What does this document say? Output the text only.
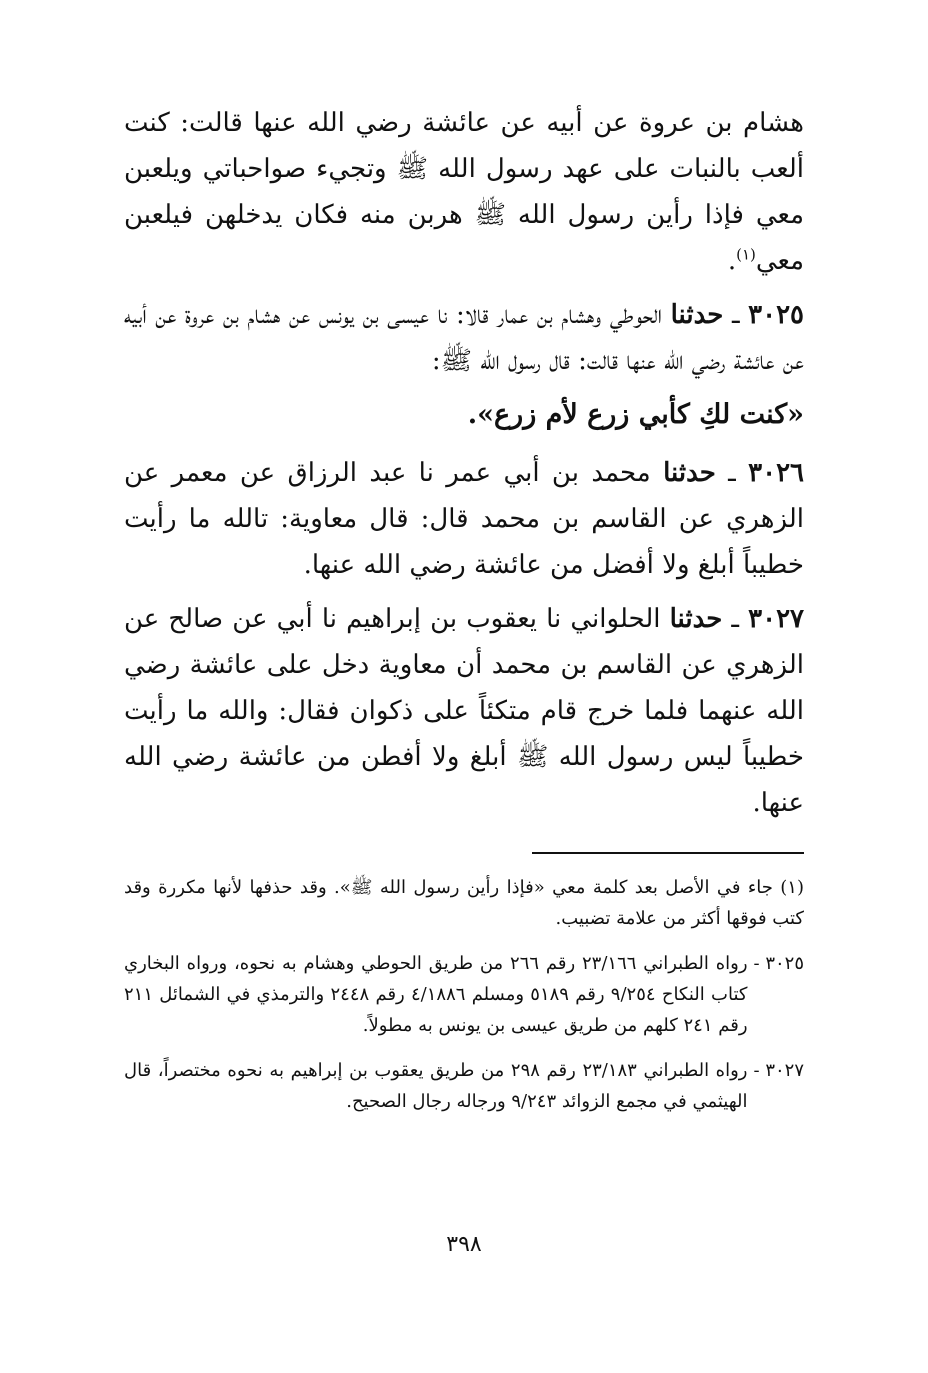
هشام بن عروة عن أبيه عن عائشة رضي الله عنها قالت: كنت ألعب بالنبات على عهد رسول الله ﷺ وتجيء صواحباتي ويلعبن معي فإذا رأين رسول الله ﷺ هربن منه فكان يدخلهن فيلعبن معي$^{(١)}$.

٣٠٢٥ ـ حدثنا الحوطي وهشام بن عمار قالا: نا عيسى بن يونس عن هشام بن عروة عن أبيه عن عائشة رضي الله عنها قالت: قال رسول الله ﷺ:

«كنت لكِ كأبي زرع لأم زرع».

٣٠٢٦ ـ حدثنا محمد بن أبي عمر نا عبد الرزاق عن معمر عن الزهري عن القاسم بن محمد قال: قال معاوية: تالله ما رأيت خطيباً أبلغ ولا أفضل من عائشة رضي الله عنها.

٣٠٢٧ ـ حدثنا الحلواني نا يعقوب بن إبراهيم نا أبي عن صالح عن الزهري عن القاسم بن محمد أن معاوية دخل على عائشة رضي الله عنهما فلما خرج قام متكئاً على ذكوان فقال: والله ما رأيت خطيباً ليس رسول الله ﷺ أبلغ ولا أفطن من عائشة رضي الله عنها.

(١) جاء في الأصل بعد كلمة معي «فإذا رأين رسول الله ﷺ». وقد حذفها لأنها مكررة وقد كتب فوقها أكثر من علامة تضبيب.

٣٠٢٥ -
رواه الطبراني ٢٣/١٦٦ رقم ٢٦٦ من طريق الحوطي وهشام به نحوه، ورواه البخاري كتاب النكاح ٩/٢٥٤ رقم ٥١٨٩ ومسلم ٤/١٨٨٦ رقم ٢٤٤٨ والترمذي في الشمائل ٢١١ رقم ٢٤١ كلهم من طريق عيسى بن يونس به مطولاً.
٣٠٢٧ -
رواه الطبراني ٢٣/١٨٣ رقم ٢٩٨ من طريق يعقوب بن إبراهيم به نحوه مختصراً، قال الهيثمي في مجمع الزوائد ٩/٢٤٣ ورجاله رجال الصحيح.
٣٩٨
